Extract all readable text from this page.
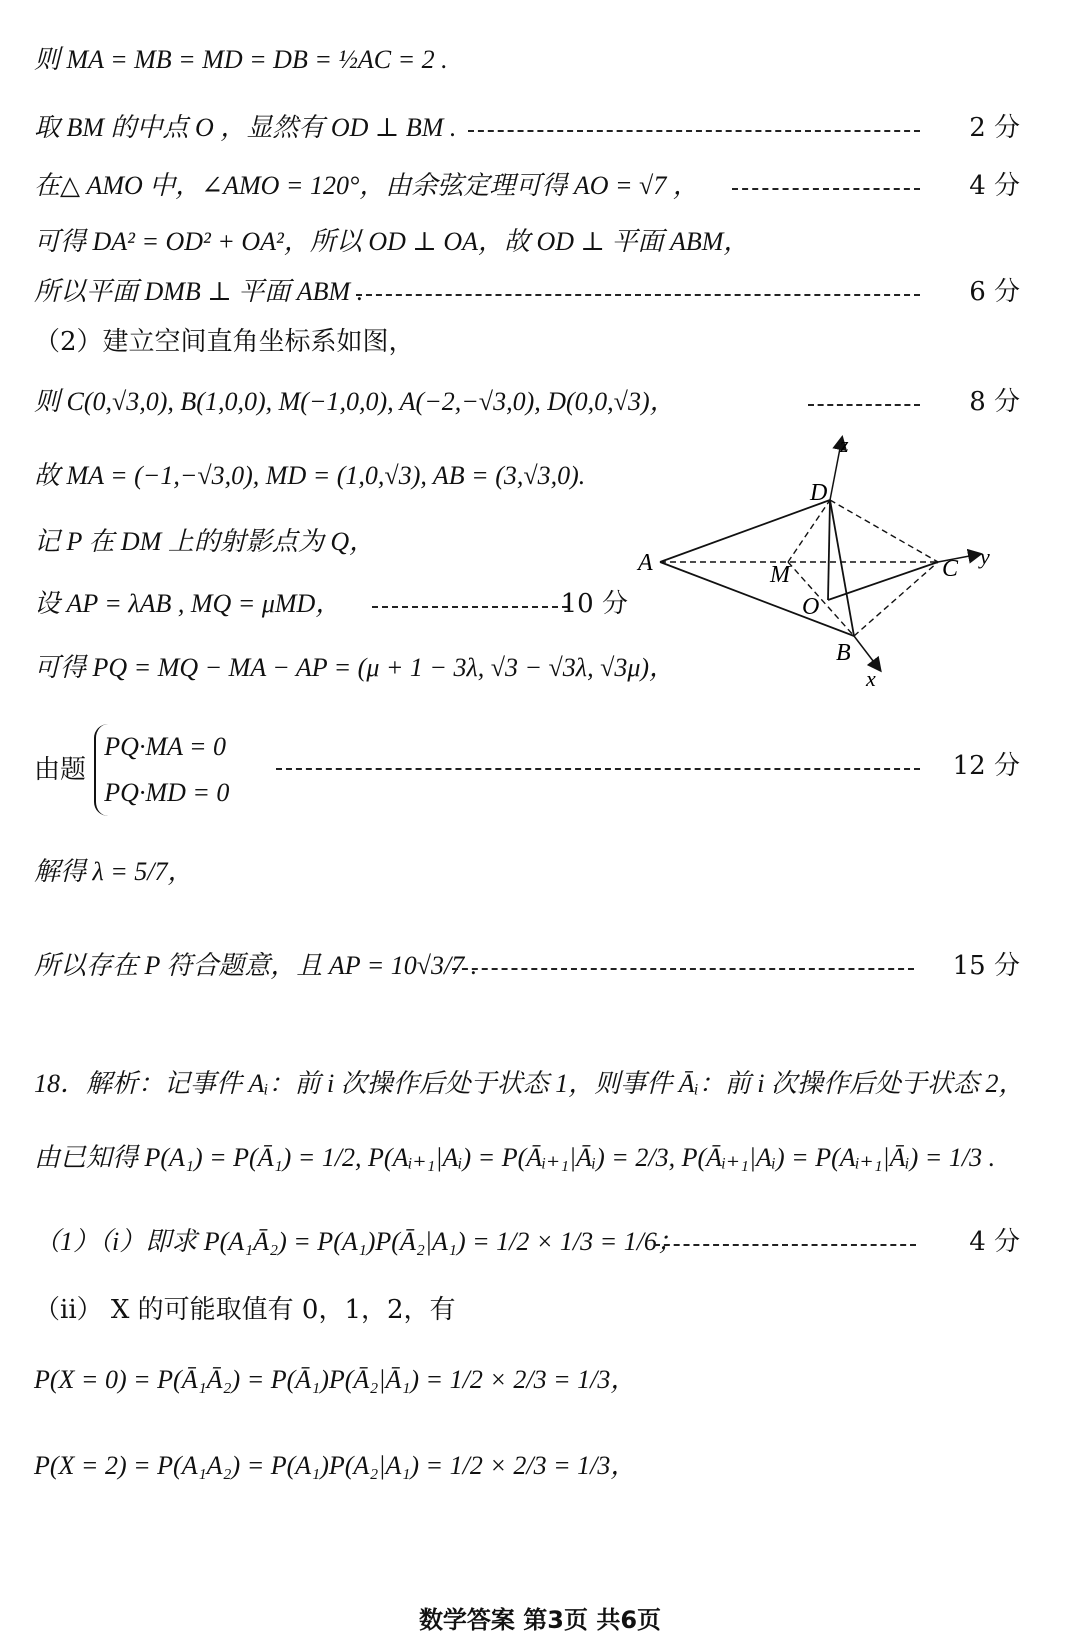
则 MA = MB = MD = DB = ½AC = 2 .
取 BM 的中点 O ，显然有 OD ⊥ BM .	2 分
在△ AMO 中，∠AMO = 120°，由余弦定理可得 AO = √7 ，	4 分
可得 DA² = OD² + OA²，所以 OD ⊥ OA，故 OD ⊥ 平面 ABM，
所以平面 DMB ⊥ 平面 ABM .	6 分
（2）建立空间直角坐标系如图，
则 C(0,√3,0), B(1,0,0), M(−1,0,0), A(−2,−√3,0), D(0,0,√3)，	8 分
故 MA = (−1,−√3,0), MD = (1,0,√3), AB = (3,√3,0).
记 P 在 DM 上的射影点为 Q，
设 AP = λAB , MQ = μMD，	10 分
可得 PQ = MQ − MA − AP = (μ + 1 − 3λ, √3 − √3λ, √3μ)，
由题
PQ·MA = 0
PQ·MD = 0
12 分
解得 λ = 5/7，
所以存在 P 符合题意，且 AP = 10√3/7 .	15 分
18．解析：记事件 Aᵢ：前 i 次操作后处于状态 1，则事件 Āᵢ：前 i 次操作后处于状态 2，
由已知得 P(A₁) = P(Ā₁) = 1/2, P(Aᵢ₊₁|Aᵢ) = P(Āᵢ₊₁|Āᵢ) = 2/3, P(Āᵢ₊₁|Aᵢ) = P(Aᵢ₊₁|Āᵢ) = 1/3 .
（1）（i）即求 P(A₁Ā₂) = P(A₁)P(Ā₂|A₁) = 1/2 × 1/3 = 1/6；	4 分
（ii） X 的可能取值有 0，1，2，有
P(X = 0) = P(Ā₁Ā₂) = P(Ā₁)P(Ā₂|Ā₁) = 1/2 × 2/3 = 1/3，
P(X = 2) = P(A₁A₂) = P(A₁)P(A₂|A₁) = 1/2 × 2/3 = 1/3，
数学答案 第3页 共6页
A
D
C
B
M
O
x
y
z
